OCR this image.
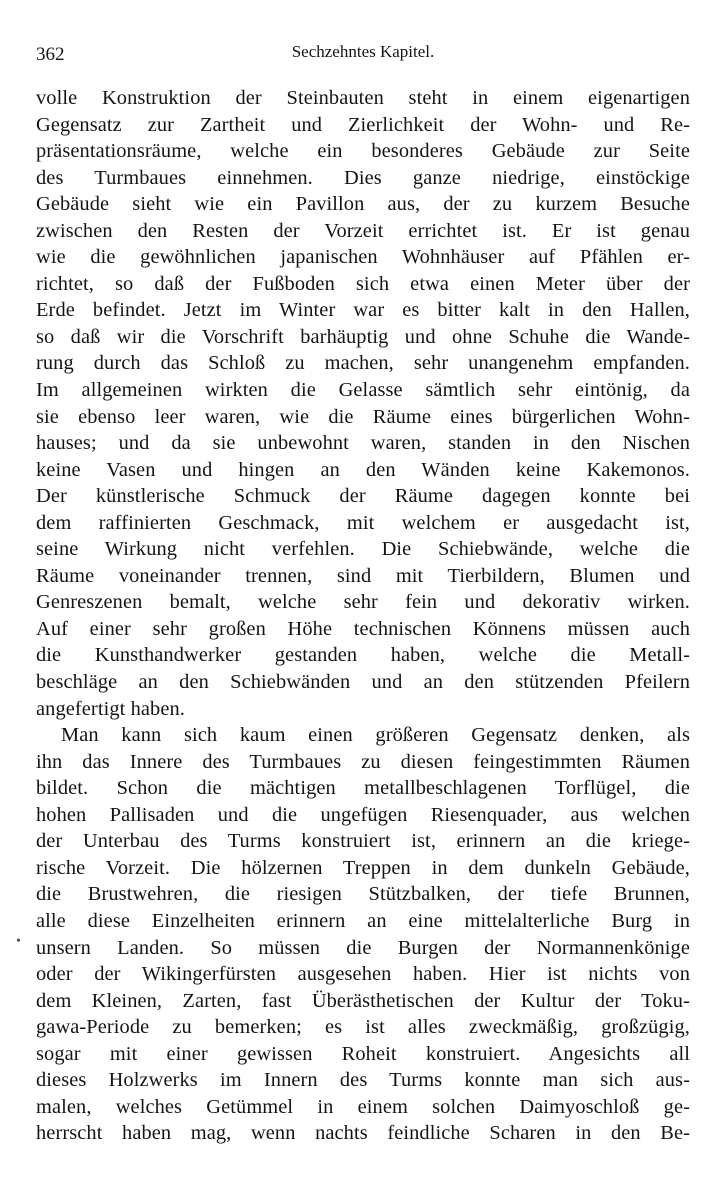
362	Sechzehntes Kapitel.
•
volle Konstruktion der Steinbauten steht in einem eigenartigen
Gegensatz zur Zartheit und Zierlichkeit der Wohn- und Re-
präsentationsräume, welche ein besonderes Gebäude zur Seite
des Turmbaues einnehmen. Dies ganze niedrige, einstöckige
Gebäude sieht wie ein Pavillon aus, der zu kurzem Besuche
zwischen den Resten der Vorzeit errichtet ist. Er ist genau
wie die gewöhnlichen japanischen Wohnhäuser auf Pfählen er-
richtet, so daß der Fußboden sich etwa einen Meter über der
Erde befindet. Jetzt im Winter war es bitter kalt in den Hallen,
so daß wir die Vorschrift barhäuptig und ohne Schuhe die Wande-
rung durch das Schloß zu machen, sehr unangenehm empfanden.
Im allgemeinen wirkten die Gelasse sämtlich sehr eintönig, da
sie ebenso leer waren, wie die Räume eines bürgerlichen Wohn-
hauses; und da sie unbewohnt waren, standen in den Nischen
keine Vasen und hingen an den Wänden keine Kakemonos.
Der künstlerische Schmuck der Räume dagegen konnte bei
dem raffinierten Geschmack, mit welchem er ausgedacht ist,
seine Wirkung nicht verfehlen. Die Schiebwände, welche die
Räume voneinander trennen, sind mit Tierbildern, Blumen und
Genreszenen bemalt, welche sehr fein und dekorativ wirken.
Auf einer sehr großen Höhe technischen Könnens müssen auch
die Kunsthandwerker gestanden haben, welche die Metall-
beschläge an den Schiebwänden und an den stützenden Pfeilern
angefertigt haben.
Man kann sich kaum einen größeren Gegensatz denken, als
ihn das Innere des Turmbaues zu diesen feingestimmten Räumen
bildet. Schon die mächtigen metallbeschlagenen Torflügel, die
hohen Pallisaden und die ungefügen Riesenquader, aus welchen
der Unterbau des Turms konstruiert ist, erinnern an die kriege-
rische Vorzeit. Die hölzernen Treppen in dem dunkeln Gebäude,
die Brustwehren, die riesigen Stützbalken, der tiefe Brunnen,
alle diese Einzelheiten erinnern an eine mittelalterliche Burg in
unsern Landen. So müssen die Burgen der Normannenkönige
oder der Wikingerfürsten ausgesehen haben. Hier ist nichts von
dem Kleinen, Zarten, fast Überästhetischen der Kultur der Toku-
gawa-Periode zu bemerken; es ist alles zweckmäßig, großzügig,
sogar mit einer gewissen Roheit konstruiert. Angesichts all
dieses Holzwerks im Innern des Turms konnte man sich aus-
malen, welches Getümmel in einem solchen Daimyoschloß ge-
herrscht haben mag, wenn nachts feindliche Scharen in den Be-
